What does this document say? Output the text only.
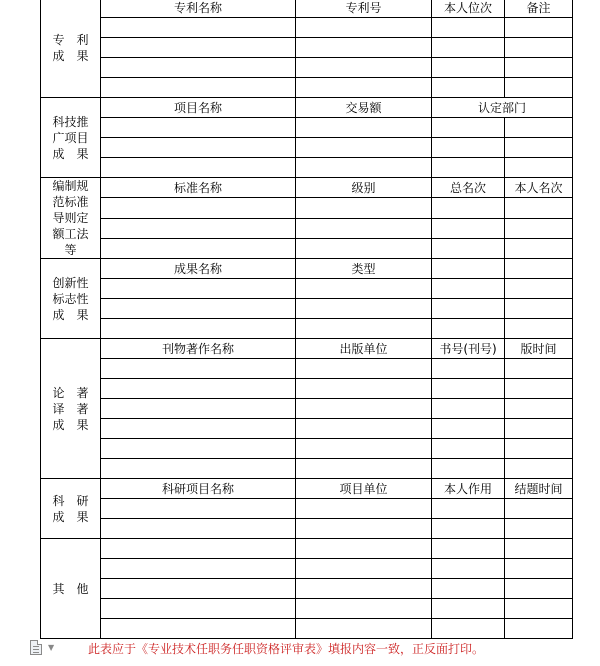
专　利
成　果	专利名称	专利号	本人位次	备注

科技推
广项目
成　果	项目名称	交易额	认定部门	

编制规
范标准
导则定
额工法
等	标准名称	级别	总名次	本人名次

创新性
标志性
成　果	成果名称	类型		

论　著
译　著
成　果	刊物著作名称	出版单位	书号(刊号)	版时间

科　研
成　果	科研项目名称	项目单位	本人作用	结题时间

其　他				

▼	此表应于《专业技术任职务任职资格评审表》填报内容一致，正反面打印。
